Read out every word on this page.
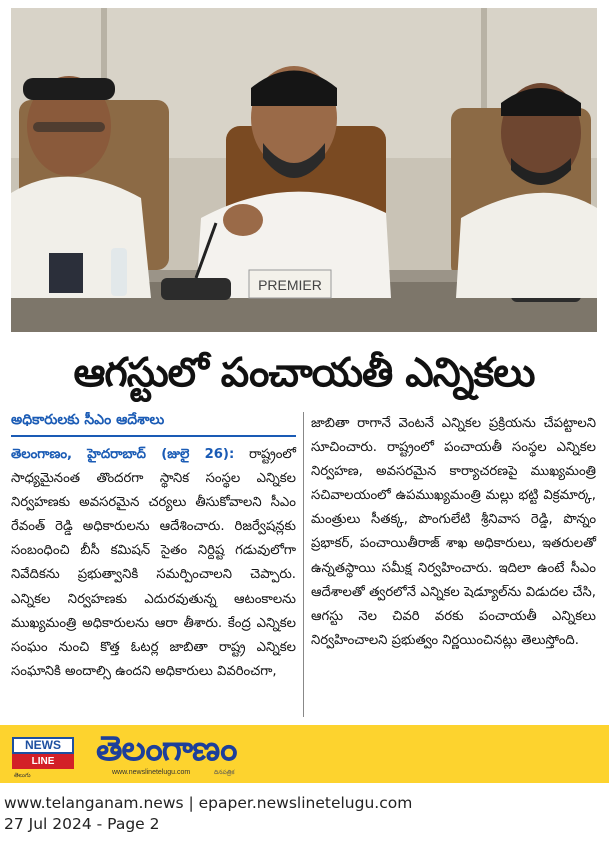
PREMIER
ఆగస్టులో పంచాయతీ ఎన్నికలు
అధికారులకు సీఎం ఆదేశాలు

తెలంగాణం, హైదరాబాద్ (జులై 26): రాష్ట్రంలో సాధ్యమైనంత తొందరగా స్థానిక సంస్థల ఎన్నికల నిర్వహణకు అవసరమైన చర్యలు తీసుకోవాలని సీఎం రేవంత్ రెడ్డి అధికారులను ఆదేశించారు. రిజర్వేషన్లకు సంబంధించి బీసీ కమిషన్ సైతం నిర్దిష్ట గడువులోగా నివేదికను ప్రభుత్వానికి సమర్పించాలని చెప్పారు. ఎన్నికల నిర్వహణకు ఎదురవుతున్న ఆటంకాలను ముఖ్యమంత్రి అధికారులను ఆరా తీశారు. కేంద్ర ఎన్నికల సంఘం నుంచి కొత్త ఓటర్ల జాబితా రాష్ట్ర ఎన్నికల సంఘానికి అందాల్సి ఉందని అధికారులు వివరించగా,

జాబితా రాగానే వెంటనే ఎన్నికల ప్రక్రియను చేపట్టాలని సూచించారు. రాష్ట్రంలో పంచాయతీ సంస్థల ఎన్నికల నిర్వహణ, అవసరమైన కార్యాచరణపై ముఖ్యమంత్రి సచివాలయంలో ఉపముఖ్యమంత్రి మల్లు భట్టి విక్రమార్క, మంత్రులు సీతక్క, పొంగులేటి శ్రీనివాస రెడ్డి, పొన్నం ప్రభాకర్, పంచాయితీరాజ్ శాఖ అధికారులు, ఇతరులతో ఉన్నతస్థాయి సమీక్ష నిర్వహించారు. ఇదిలా ఉంటే సీఎం ఆదేశాలతో త్వరలోనే ఎన్నికల షెడ్యూల్‌ను విడుదల చేసి, ఆగస్టు నెల చివరి వరకు పంచాయతీ ఎన్నికలు నిర్వహించాలని ప్రభుత్వం నిర్ణయించినట్లు తెలుస్తోంది.

NEWS
LINE
తెలుగు
తెలంగాణం
www.newslinetelugu.com	దినపత్రిక
www.telanganam.news | epaper.newslinetelugu.com
27 Jul 2024 - Page 2
